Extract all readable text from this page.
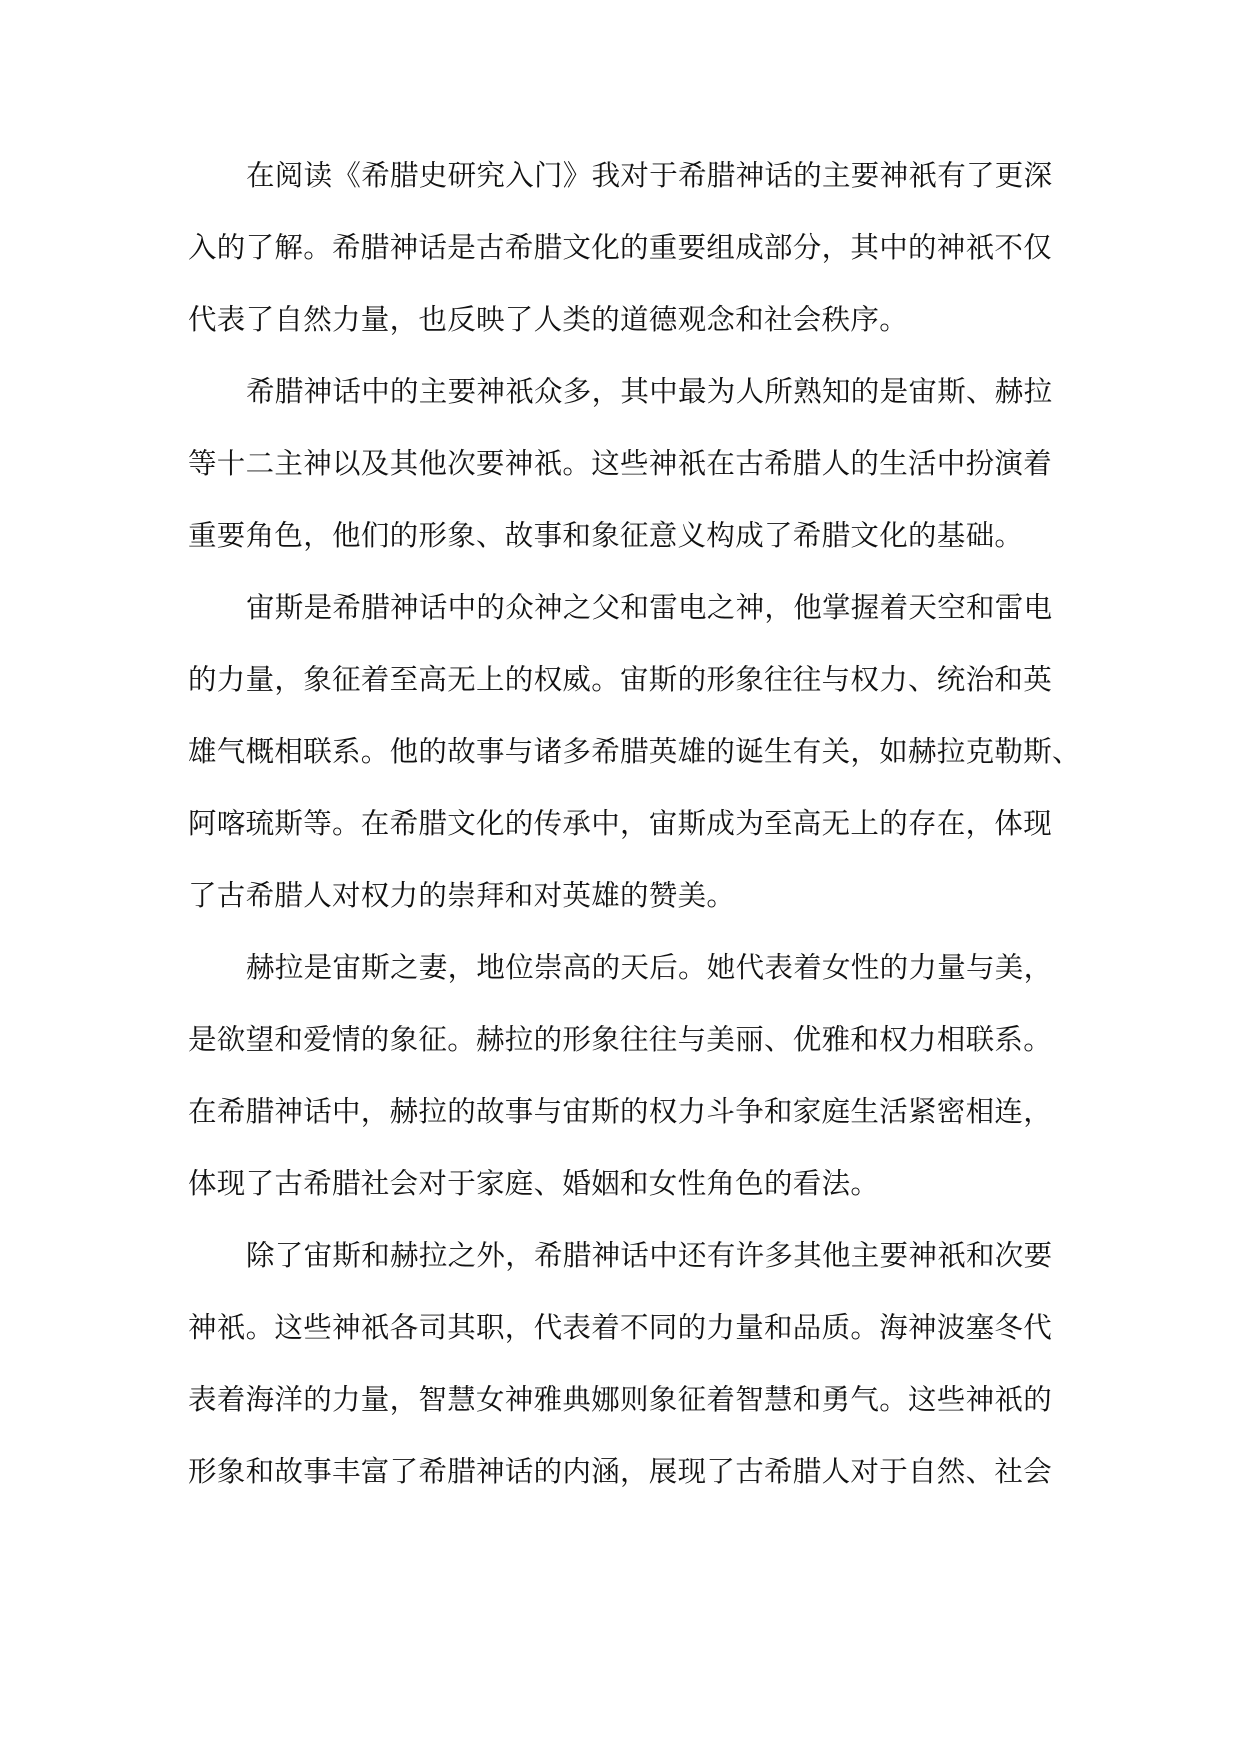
在阅读《希腊史研究入门》我对于希腊神话的主要神祇有了更深
入的了解。希腊神话是古希腊文化的重要组成部分，其中的神祇不仅
代表了自然力量，也反映了人类的道德观念和社会秩序。
希腊神话中的主要神祇众多，其中最为人所熟知的是宙斯、赫拉
等十二主神以及其他次要神祇。这些神祇在古希腊人的生活中扮演着
重要角色，他们的形象、故事和象征意义构成了希腊文化的基础。
宙斯是希腊神话中的众神之父和雷电之神，他掌握着天空和雷电
的力量，象征着至高无上的权威。宙斯的形象往往与权力、统治和英
雄气概相联系。他的故事与诸多希腊英雄的诞生有关，如赫拉克勒斯、
阿喀琉斯等。在希腊文化的传承中，宙斯成为至高无上的存在，体现
了古希腊人对权力的崇拜和对英雄的赞美。
赫拉是宙斯之妻，地位崇高的天后。她代表着女性的力量与美，
是欲望和爱情的象征。赫拉的形象往往与美丽、优雅和权力相联系。
在希腊神话中，赫拉的故事与宙斯的权力斗争和家庭生活紧密相连，
体现了古希腊社会对于家庭、婚姻和女性角色的看法。
除了宙斯和赫拉之外，希腊神话中还有许多其他主要神祇和次要
神祇。这些神祇各司其职，代表着不同的力量和品质。海神波塞冬代
表着海洋的力量，智慧女神雅典娜则象征着智慧和勇气。这些神祇的
形象和故事丰富了希腊神话的内涵，展现了古希腊人对于自然、社会
